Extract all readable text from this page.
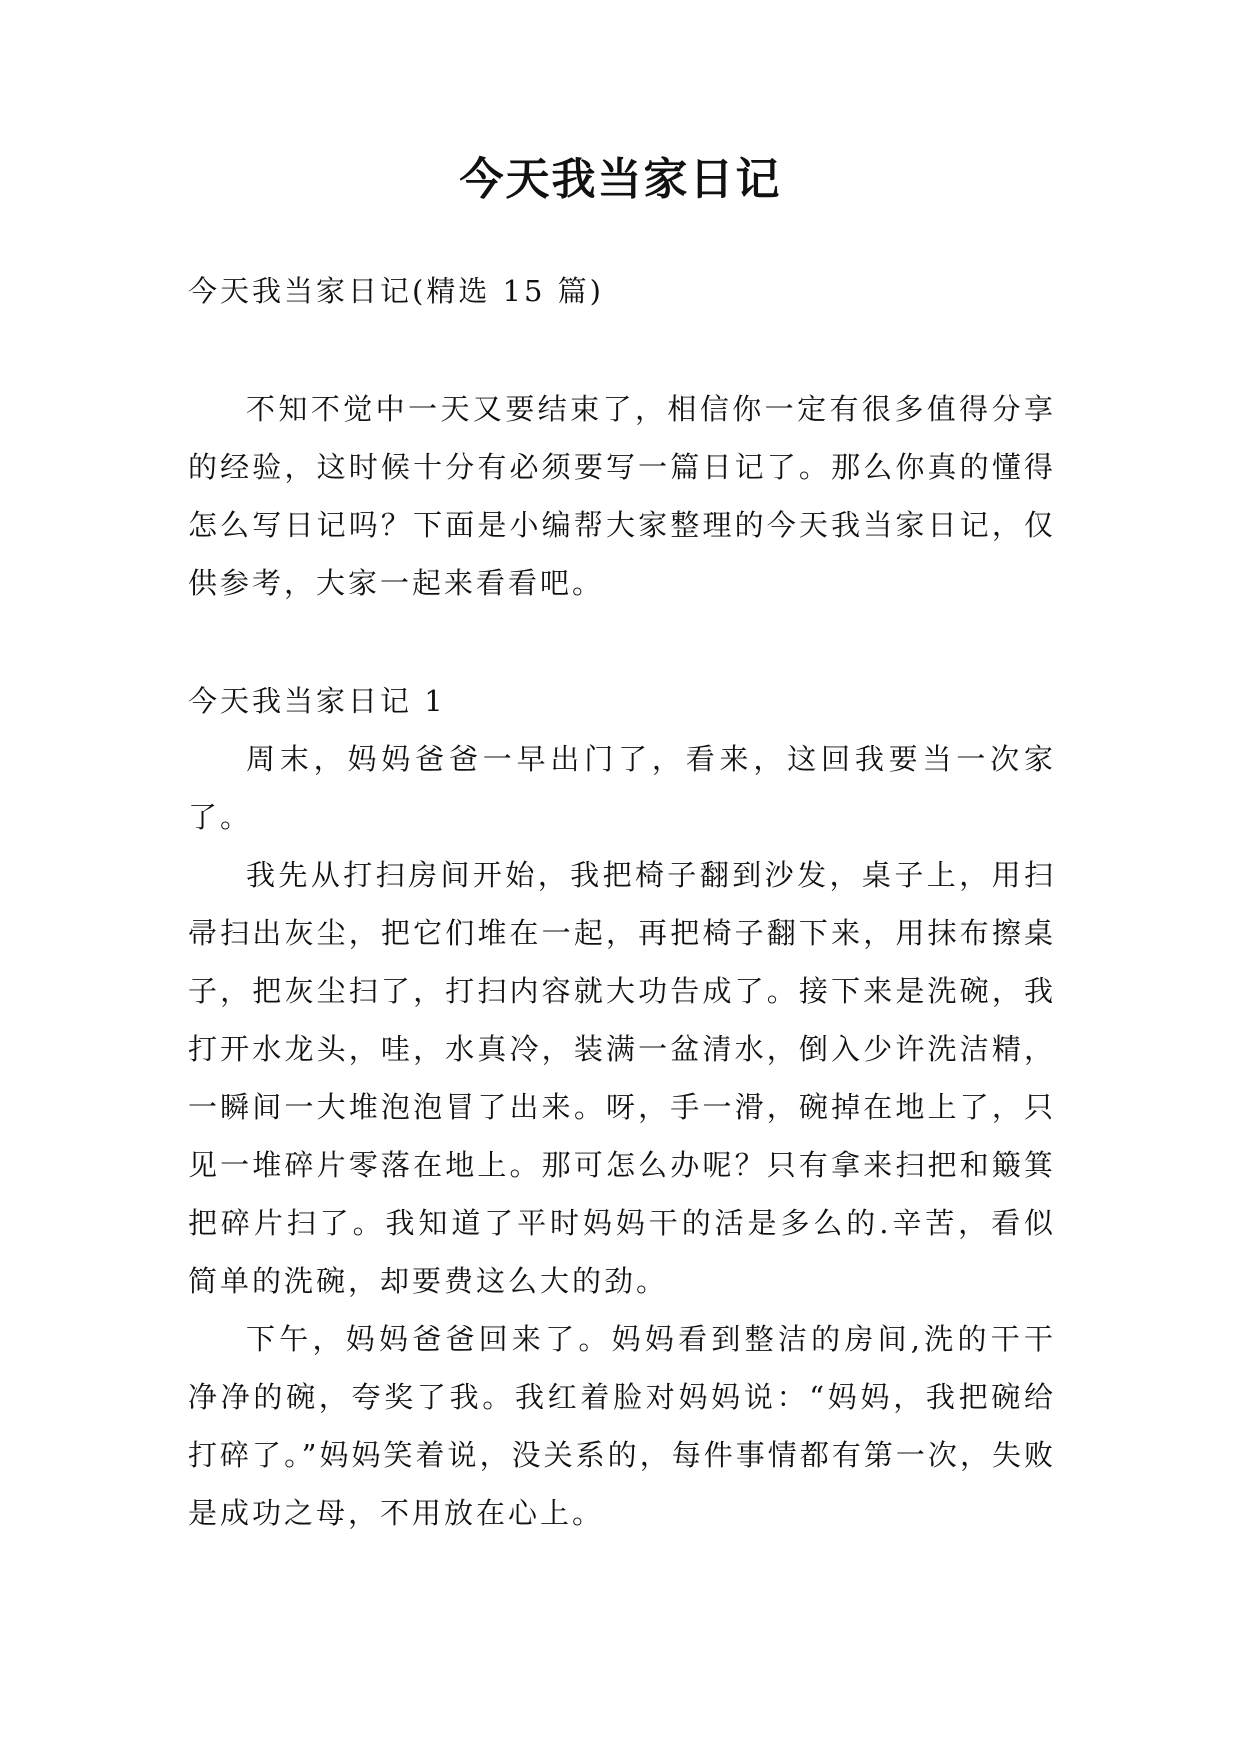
今天我当家日记

今天我当家日记(精选 15 篇)

不知不觉中一天又要结束了，相信你一定有很多值得分享的经验，这时候十分有必须要写一篇日记了。那么你真的懂得怎么写日记吗？下面是小编帮大家整理的今天我当家日记，仅供参考，大家一起来看看吧。

今天我当家日记 1

周末，妈妈爸爸一早出门了，看来，这回我要当一次家了。

我先从打扫房间开始，我把椅子翻到沙发，桌子上，用扫帚扫出灰尘，把它们堆在一起，再把椅子翻下来，用抹布擦桌子，把灰尘扫了，打扫内容就大功告成了。接下来是洗碗，我打开水龙头，哇，水真冷，装满一盆清水，倒入少许洗洁精，一瞬间一大堆泡泡冒了出来。呀，手一滑，碗掉在地上了，只见一堆碎片零落在地上。那可怎么办呢？只有拿来扫把和簸箕把碎片扫了。我知道了平时妈妈干的活是多么的.辛苦，看似简单的洗碗，却要费这么大的劲。

下午，妈妈爸爸回来了。妈妈看到整洁的房间,洗的干干净净的碗，夸奖了我。我红着脸对妈妈说：“妈妈，我把碗给打碎了。”妈妈笑着说，没关系的，每件事情都有第一次，失败是成功之母，不用放在心上。
